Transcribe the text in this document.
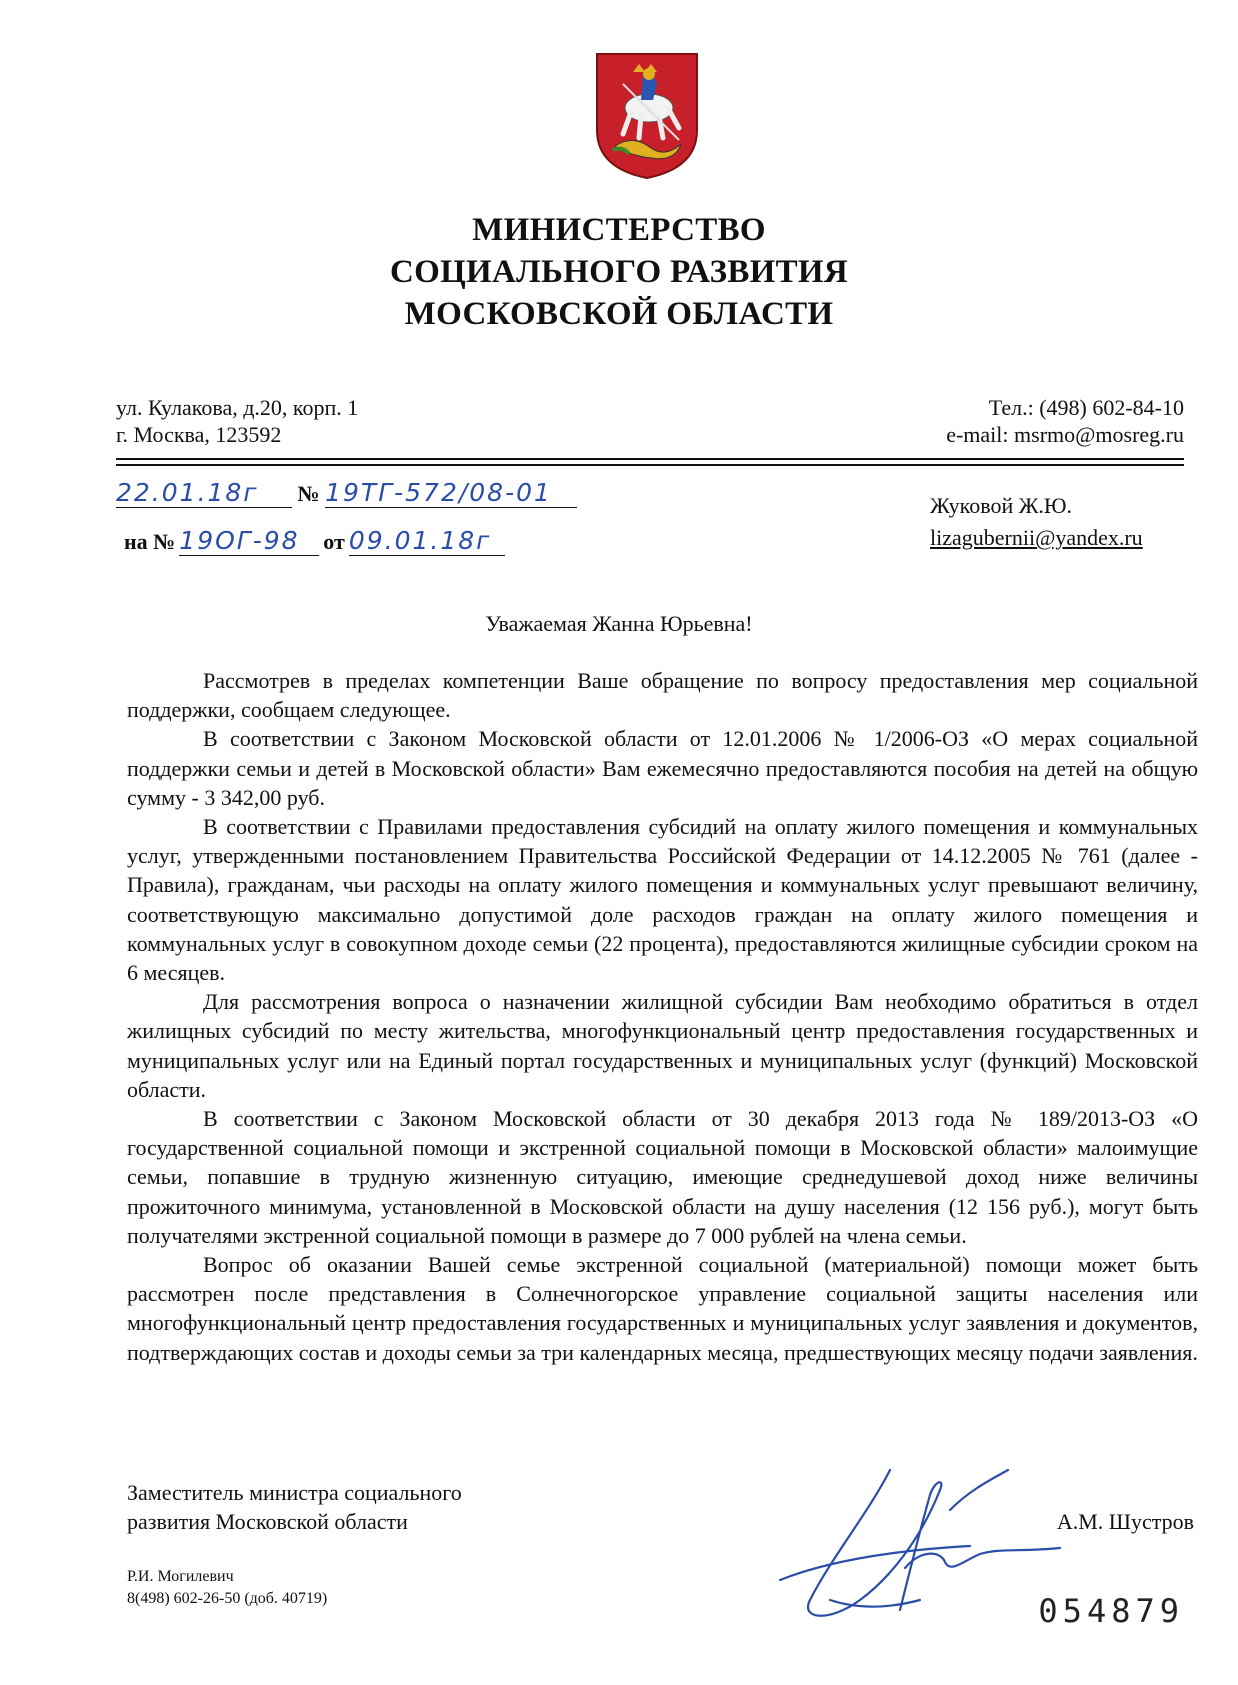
МИНИСТЕРСТВО
СОЦИАЛЬНОГО РАЗВИТИЯ
МОСКОВСКОЙ ОБЛАСТИ
ул. Кулакова, д.20, корп. 1
г. Москва, 123592
Тел.: (498) 602-84-10
e-mail: msrmo@mosreg.ru
22.01.18г № 19ТГ-572/08-01
на № 19ОГ-98 от 09.01.18г
Жуковой Ж.Ю.
lizagubernii@yandex.ru
Уважаемая Жанна Юрьевна!

Рассмотрев в пределах компетенции Ваше обращение по вопросу предоставления мер социальной поддержки, сообщаем следующее.

В соответствии с Законом Московской области от 12.01.2006 № 1/2006-ОЗ «О мерах социальной поддержки семьи и детей в Московской области» Вам ежемесячно предоставляются пособия на детей на общую сумму - 3 342,00 руб.

В соответствии с Правилами предоставления субсидий на оплату жилого помещения и коммунальных услуг, утвержденными постановлением Правительства Российской Федерации от 14.12.2005 № 761 (далее - Правила), гражданам, чьи расходы на оплату жилого помещения и коммунальных услуг превышают величину, соответствующую максимально допустимой доле расходов граждан на оплату жилого помещения и коммунальных услуг в совокупном доходе семьи (22 процента), предоставляются жилищные субсидии сроком на 6 месяцев.

Для рассмотрения вопроса о назначении жилищной субсидии Вам необходимо обратиться в отдел жилищных субсидий по месту жительства, многофункциональный центр предоставления государственных и муниципальных услуг или на Единый портал государственных и муниципальных услуг (функций) Московской области.

В соответствии с Законом Московской области от 30 декабря 2013 года № 189/2013-ОЗ «О государственной социальной помощи и экстренной социальной помощи в Московской области» малоимущие семьи, попавшие в трудную жизненную ситуацию, имеющие среднедушевой доход ниже величины прожиточного минимума, установленной в Московской области на душу населения (12 156 руб.), могут быть получателями экстренной социальной помощи в размере до 7 000 рублей на члена семьи.

Вопрос об оказании Вашей семье экстренной социальной (материальной) помощи может быть рассмотрен после представления в Солнечногорское управление социальной защиты населения или многофункциональный центр предоставления государственных и муниципальных услуг заявления и документов, подтверждающих состав и доходы семьи за три календарных месяца, предшествующих месяцу подачи заявления.

Заместитель министра социального
развития Московской области	А.М. Шустров
Р.И. Могилевич
8(498) 602-26-50 (доб. 40719)	054879
